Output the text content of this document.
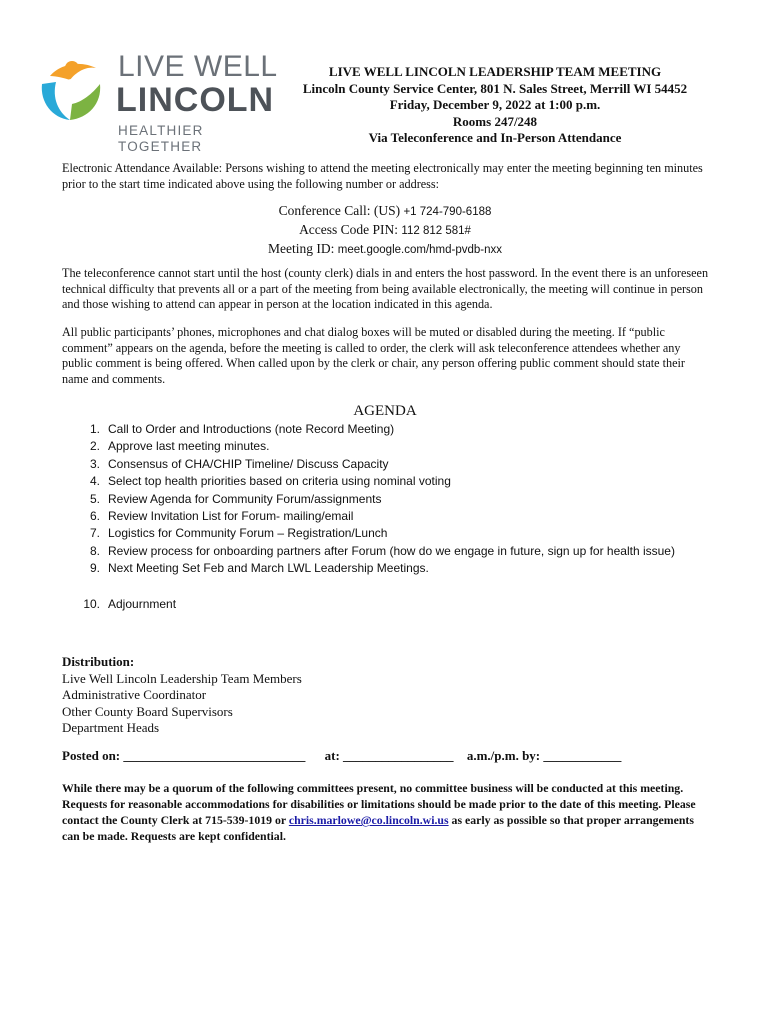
LIVE WELL
LINCOLN
HEALTHIER TOGETHER
LIVE WELL LINCOLN LEADERSHIP TEAM MEETING
Lincoln County Service Center, 801 N. Sales Street, Merrill WI 54452
Friday, December 9, 2022 at 1:00 p.m.
Rooms 247/248
Via Teleconference and In-Person Attendance

Electronic Attendance Available: Persons wishing to attend the meeting electronically may enter the meeting beginning ten minutes prior to the start time indicated above using the following number or address:

Conference Call: (US) +1 724-790-6188
Access Code PIN: 112 812 581#
Meeting ID: meet.google.com/hmd-pvdb-nxx

The teleconference cannot start until the host (county clerk) dials in and enters the host password. In the event there is an unforeseen technical difficulty that prevents all or a part of the meeting from being available electronically, the meeting will continue in person and those wishing to attend can appear in person at the location indicated in this agenda.

All public participants’ phones, microphones and chat dialog boxes will be muted or disabled during the meeting. If “public comment” appears on the agenda, before the meeting is called to order, the clerk will ask teleconference attendees whether any public comment is being offered. When called upon by the clerk or chair, any person offering public comment should state their name and comments.

AGENDA
1. Call to Order and Introductions (note Record Meeting)
2. Approve last meeting minutes.
3. Consensus of CHA/CHIP Timeline/ Discuss Capacity
4. Select top health priorities based on criteria using nominal voting
5. Review Agenda for Community Forum/assignments
6. Review Invitation List for Forum- mailing/email
7. Logistics for Community Forum – Registration/Lunch
8. Review process for onboarding partners after Forum (how do we engage in future, sign up for health issue)
9. Next Meeting Set Feb and March LWL Leadership Meetings.
10. Adjournment
Distribution:
Live Well Lincoln Leadership Team Members
Administrative Coordinator
Other County Board Supervisors
Department Heads
Posted on: ____________________________ at: _________________ a.m./p.m. by: ____________
While there may be a quorum of the following committees present, no committee business will be conducted at this meeting.
Requests for reasonable accommodations for disabilities or limitations should be made prior to the date of this meeting. Please contact the County Clerk at 715-539-1019 or chris.marlowe@co.lincoln.wi.us as early as possible so that proper arrangements can be made. Requests are kept confidential.
